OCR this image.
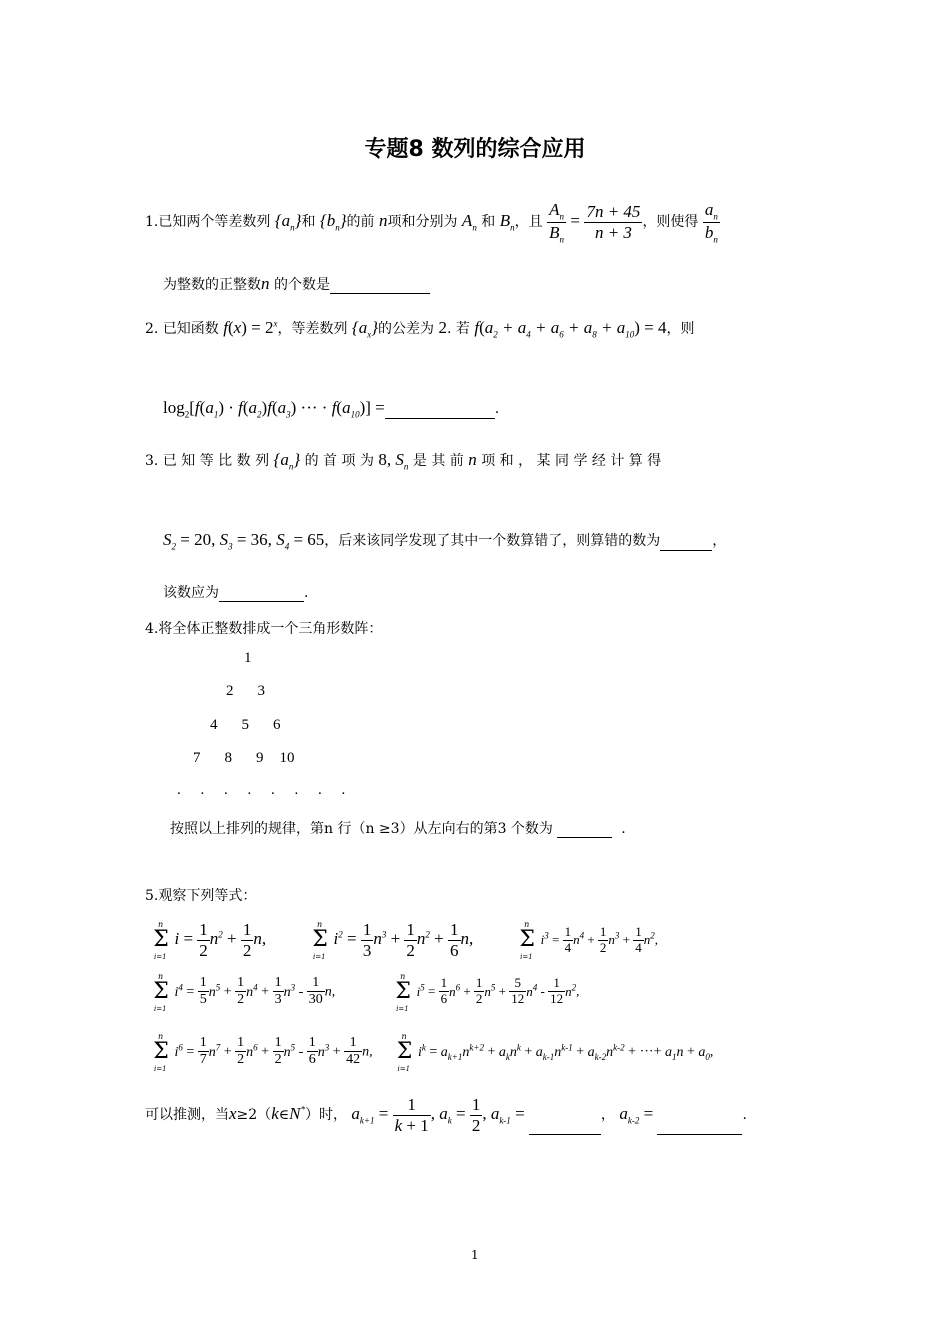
专题8 数列的综合应用
1.已知两个等差数列 $\{a_n\}$和 $\{b_n\}$的前 n项和分别为 $A_n$ 和 $B_n$，且 $\frac{A_n}{B_n} = \frac{7n + 45}{n + 3}$ ，则使得 $\frac{a_n}{b_n}$
为整数的正整数n 的个数是
2. 已知函数 $f(x) = 2^x$，等差数列 $\{a_x\}$的公差为 2. 若 $f(a_2 + a_4 + a_6 + a_8 + a_{10}) = 4$，则
$\log_2[f(a_1) \cdot f(a_2)f(a_3)$ ··· · $f(a_{10})$] =	.
3. 已 知 等 比 数 列 $\{a_n\}$ 的 首 项 为 8, $S_n$ 是 其 前 n 项 和 ， 某 同 学 经 计 算 得
$S_2 = 20$, $S_3 = 36$, $S_4 = 65$，后来该同学发现了其中一个数算错了，则算错的数为	，
该数应为	.
4.将全体正整数排成一个三角形数阵：
1
2 3
4 5 6
7 8 9 10
. . . . . . . .
按照以上排列的规律，第n 行（n ≥3）从左向右的第3 个数为	.
5.观察下列等式：
n
Σ
i=1
$i = \frac{1}{2} n^2 + \frac{1}{2} n$,
n
Σ
i=1
$i^2 = \frac{1}{3} n^3 + \frac{1}{2} n^2 + \frac{1}{6} n$,
n
Σ
i=1
$i^3 = \frac{1}{4} n^4 + \frac{1}{2} n^3 + \frac{1}{4} n^2$,
n
Σ
i=1
$i^4 = \frac{1}{5} n^5 + \frac{1}{2} n^4 + \frac{1}{3} n^3 - \frac{1}{30} n$,
n
Σ
i=1
$i^5 = \frac{1}{6} n^6 + \frac{1}{2} n^5 + \frac{5}{12} n^4 - \frac{1}{12} n^2$,
n
Σ
i=1
$i^6 = \frac{1}{7} n^7 + \frac{1}{2} n^6 + \frac{1}{2} n^5 - \frac{1}{6} n^3 + \frac{1}{42} n$,
n
Σ
i=1
$i^k = a_{k+1}n^{k+2} + a_kn^k + a_{k-1}n^{k-1} + a_{k-2}n^{k-2}$ + ···+ $a_1n + a_0$,
可以推测，当x≥2（k∈N*）时， $a_{k+1} = \frac{1}{k + 1}$ , $a_k = \frac{1}{2}$ , $a_{k-1}$ =	， $a_{k-2}$ =	.
1
